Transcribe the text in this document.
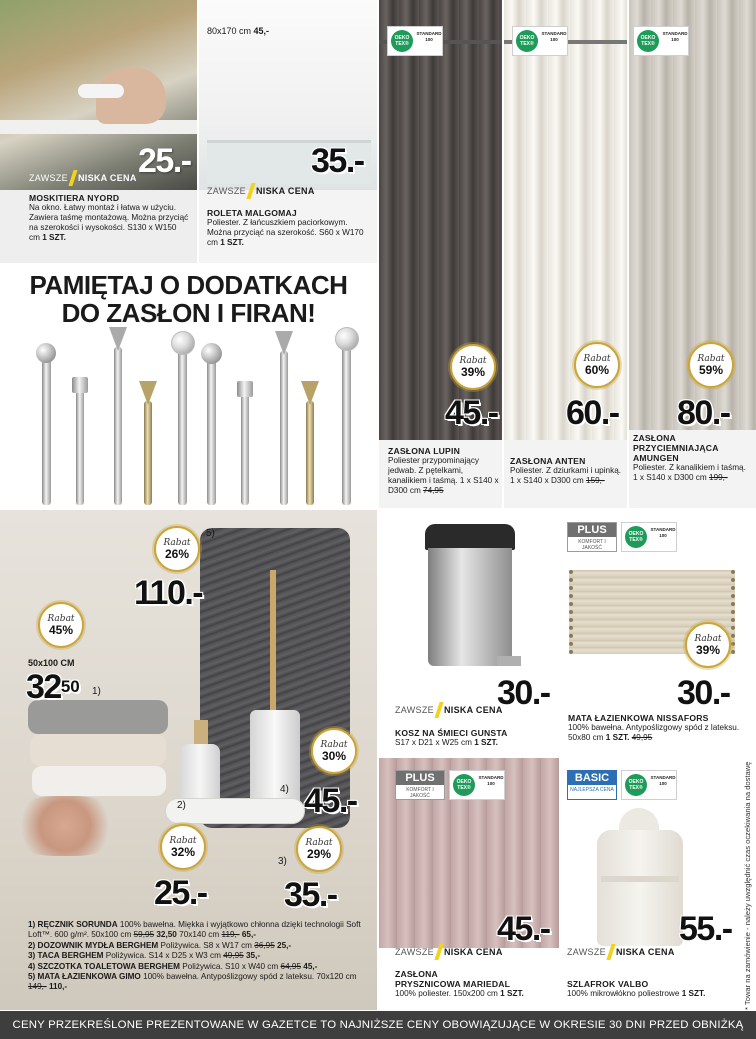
25.-
ZAWSZE NISKA CENA
MOSKITIERA NYORD
Na okno. Łatwy montaż i łatwa w użyciu. Zawiera taśmę montażową. Można przyciąć na szerokości i wysokości. S130 x W150 cm 1 SZT.
80x170 cm 45,-
35.-
ZAWSZE NISKA CENA
ROLETA MALGOMAJ
Poliester. Z łańcuszkiem paciorkowym. Można przyciąć na szerokość. S60 x W170 cm 1 SZT.
PAMIĘTAJ O DODATKACH
DO ZASŁON I FIRAN!
OEKO
TEX®
STANDARD
100
Rabat
39%
45.-
ZASŁONA LUPIN
Poliester przypominający jedwab. Z pętelkami, kanalikiem i taśmą. 1 x S140 x D300 cm 74,95
OEKO
TEX®
STANDARD
100
Rabat
60%
60.-
ZASŁONA ANTEN
Poliester. Z dziurkami i upinką. 1 x S140 x D300 cm 159,-
OEKO
TEX®
STANDARD
100
Rabat
59%
80.-
ZASŁONA
PRZYCIEMNIAJĄCA
AMUNGEN
Poliester. Z kanalikiem i taśmą. 1 x S140 x D300 cm 199,-
Rabat
26%
5)
110.-
Rabat
45%
50x100 CM
$32^{50}$ 1)
Rabat
30%
4) 45.-
2)
Rabat
32%
25.-
Rabat
29%
3)
35.-
1) RĘCZNIK SORUNDA 100% bawełna. Miękka i wyjątkowo chłonna dzięki technologii Soft Loft™. 600 g/m². 50x100 cm 59,95 32,50 70x140 cm 119,- 65,-
2) DOZOWNIK MYDŁA BERGHEM Poliżywica. S8 x W17 cm 36,95 25,-
3) TACA BERGHEM Poliżywica. S14 x D25 x W3 cm 49,95 35,-
4) SZCZOTKA TOALETOWA BERGHEM Poliżywica. S10 x W40 cm 64,95 45,-
5) MATA ŁAZIENKOWA GIMO 100% bawełna. Antypoślizgowy spód z lateksu. 70x120 cm 149,- 110,-
30.-
ZAWSZE NISKA CENA
KOSZ NA ŚMIECI GUNSTA
S17 x D21 x W25 cm 1 SZT.
PLUS
KOMFORT I JAKOŚĆ
OEKO
TEX®
STANDARD
100
Rabat
39%
30.-
MATA ŁAZIENKOWA NISSAFORS
100% bawełna. Antypoślizgowy spód z lateksu. 50x80 cm 1 SZT. 49,95
PLUS
KOMFORT I JAKOŚĆ
OEKO
TEX®
STANDARD
100
45.-
ZAWSZE NISKA CENA
ZASŁONA
PRYSZNICOWA MARIEDAL
100% poliester. 150x200 cm 1 SZT.
BASIC
NAJLEPSZA CENA
OEKO
TEX®
STANDARD
100
55.-
ZAWSZE NISKA CENA
SZLAFROK VALBO
100% mikrowłókno poliestrowe 1 SZT.	* Towar na zamówienie - należy uwzględnić czas oczekiwania na dostawę
CENY PRZEKREŚLONE PREZENTOWANE W GAZETCE TO NAJNIŻSZE CENY OBOWIĄZUJĄCE W OKRESIE 30 DNI PRZED OBNIŻKĄ
